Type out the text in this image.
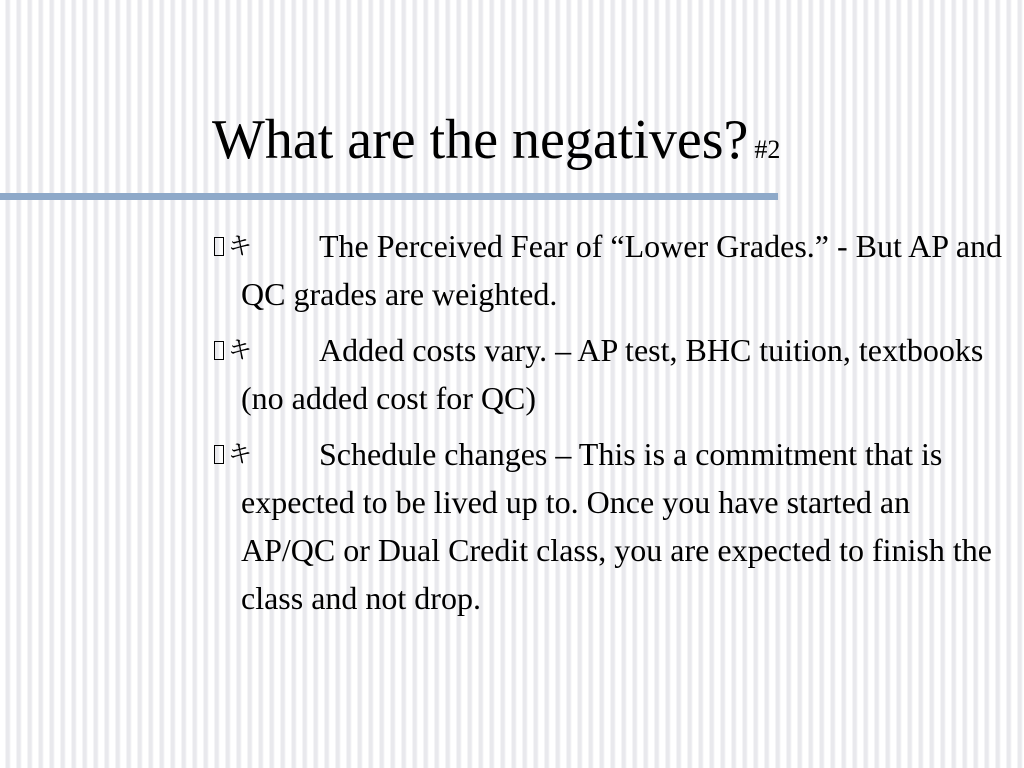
What are the negatives? #2
キ The Perceived Fear of “Lower Grades.” - But AP and QC grades are weighted.
キ Added costs vary. – AP test, BHC tuition, textbooks (no added cost for QC)
キ Schedule changes – This is a commitment that is expected to be lived up to. Once you have started an AP/QC or Dual Credit class, you are expected to finish the class and not drop.
